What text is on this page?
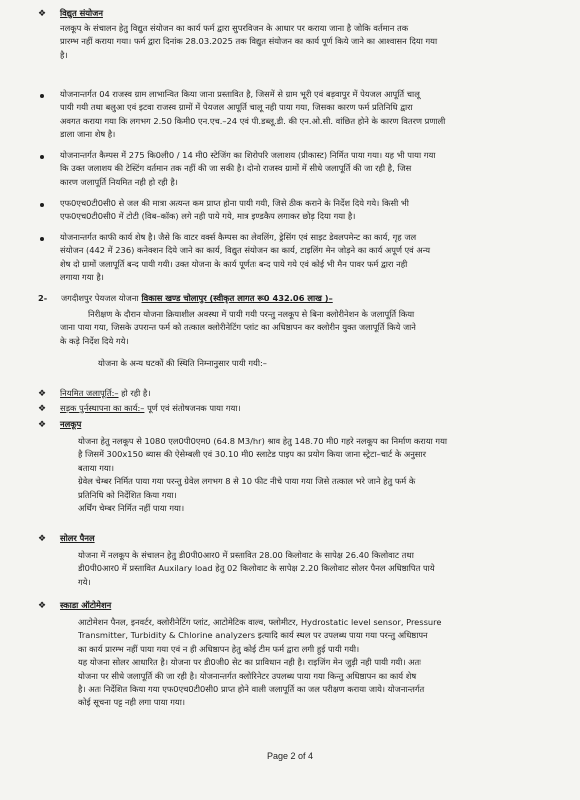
❖ विद्युत संयोजन
नलकूप के संचालन हेतु विद्युत संयोजन का कार्य फर्म द्वारा सुपरविजन के आधार पर कराया जाना है जोकि वर्तमान तक
प्रारम्भ नहीं कराया गया। फर्म द्वारा दिनांक 28.03.2025 तक विद्युत संयोजन का कार्य पूर्ण किये जाने का आश्वासन दिया गया
है।
योजनान्तर्गत 04 राजस्व ग्राम लाभान्वित किया जाना प्रस्तावित है, जिसमें से ग्राम भूरी एवं बड़वापुर में पेयजल आपूर्ति चालू
पायी गयी तथा बलुआ एवं इटवा राजस्व ग्रामों में पेयजल आपूर्ति चालू नही पाया गया, जिसका कारण फर्म प्रतिनिधि द्वारा
अवगत कराया गया कि लगभग 2.50 किमी0 एन.एच.–24 एवं पी.डब्लू.डी. की एन.ओ.सी. वांछित होने के कारण वितरण प्रणाली
डाला जाना शेष है।
योजनान्तर्गत कैम्पस में 275 कि0ली0 / 14 मी0 स्टेजिंग का शिरोपरि जलाशय (प्रीकास्ट) निर्मित पाया गया। यह भी पाया गया
कि उक्त जलाशय की टेस्टिंग वर्तमान तक नहीं की जा सकी है। दोनो राजस्व ग्रामों में सीधे जलापूर्ति की जा रही है, जिस
कारण जलापूर्ति नियमित नही हो रही है।
एफ0एच0टी0सी0 से जल की मात्रा अत्यन्त कम प्राप्त होना पायी गयी, जिसे ठीक कराने के निर्देश दिये गये। किसी भी
एफ0एच0टी0सी0 में टोटी (विब–कॉक) लगे नही पाये गये, मात्र इण्डकैप लगाकर छोड़ दिया गया है।
योजनान्तर्गत काफी कार्य शेष है। जैसे कि वाटर वर्क्स कैम्पस का लेवलिंग, ड्रेसिंग एवं साइट डेवलपमेन्ट का कार्य, गृह जल
संयोजन (442 में 236) कनेक्शन दिये जाने का कार्य, विद्युत संयोजन का कार्य, टाइलिंग मेन जोड़ने का कार्य अपूर्ण एवं अन्य
शेष दो ग्रामों जलापूर्ति बन्द पायी गयी। उक्त योजना के कार्य पूर्णतः बन्द पाये गये एवं कोई भी मैन पावर फर्म द्वारा नही
लगाया गया है।
2- जगदीशपुर पेयजल योजना विकास खण्ड चोलापुर (स्वीकृत लागत रू0 432.06 लाख )–
निरीक्षण के दौरान योजना क्रियाशील अवस्था में पायी गयी परन्तु नलकूप से बिना क्लोरीनेशन के जलापूर्ति किया
जाना पाया गया, जिसके उपरान्त फर्म को तत्काल क्लोरीनेटिंग प्लांट का अधिष्ठापन कर क्लोरीन युक्त जलापूर्ति किये जाने
के कड़े निर्देश दिये गये।
योजना के अन्य घटकों की स्थिति निम्नानुसार पायी गयी:–
❖ नियमित जलापूर्ति:– हो रही है।
❖ सड़क पुर्नस्थापना का कार्य:– पूर्ण एवं संतोषजनक पाया गया।
❖ नलकूप
योजना हेतु नलकूप से 1080 एल0पी0एम0 (64.8 M3/hr) श्राव हेतु 148.70 मी0 गहरे नलकूप का निर्माण कराया गया
है जिसमें 300x150 ब्यास की ऐसेम्बली एवं 30.10 मी0 स्लाटेड पाइप का प्रयोग किया जाना स्ट्रेटा–चार्ट के अनुसार
बताया गया।
ग्रेवेल चेम्बर निर्मित पाया गया परन्तु ग्रेवेल लगभग 8 से 10 फीट नीचे पाया गया जिसे तत्काल भरे जाने हेतु फर्म के
प्रतिनिधि को निर्देशित किया गया।
अर्थिंग चेम्बर निर्मित नहीं पाया गया।
❖ सोलर पैनल
योजना में नलकूप के संचालन हेतु डी0पी0आर0 में प्रस्तावित 28.00 किलोवाट के सापेक्ष 26.40 किलोवाट तथा
डी0पी0आर0 में प्रस्तावित Auxilary load हेतु 02 किलोवाट के सापेक्ष 2.20 किलोवाट सोलर पैनल अधिष्ठापित पाये
गये।
❖ स्काडा ऑटोमेशन
आटोमेशन पैनल, इनवर्टर, क्लोरीनेटिंग प्लांट, आटोमेटिक वाल्व, फ्लोमीटर, Hydrostatic level sensor, Pressure
Transmitter, Turbidity & Chlorine analyzers इत्यादि कार्य स्थल पर उपलब्ध पाया गया परन्तु अधिष्ठापन
का कार्य प्रारम्भ नहीं पाया गया एवं न ही अधिष्ठापन हेतु कोई टीम फर्म द्वारा लगी हुई पायी गयी।
यह योजना सोलर आधारित है। योजना पर डी0जी0 सेट का प्राविधान नही है। राइजिंग मेन जुड़ी नही पायी गयी। अतः
योजना पर सीधे जलापूर्ति की जा रही है। योजनान्तर्गत क्लोरिनेटर उपलब्ध पाया गया किन्तु अधिष्ठापन का कार्य शेष
है। अतः निर्देशित किया गया एफ0एच0टी0सी0 प्राप्त होने वाली जलापूर्ति का जल परीक्षण कराया जाये। योजनान्तर्गत
कोई सूचना पट्ट नही लगा पाया गया।
Page 2 of 4
